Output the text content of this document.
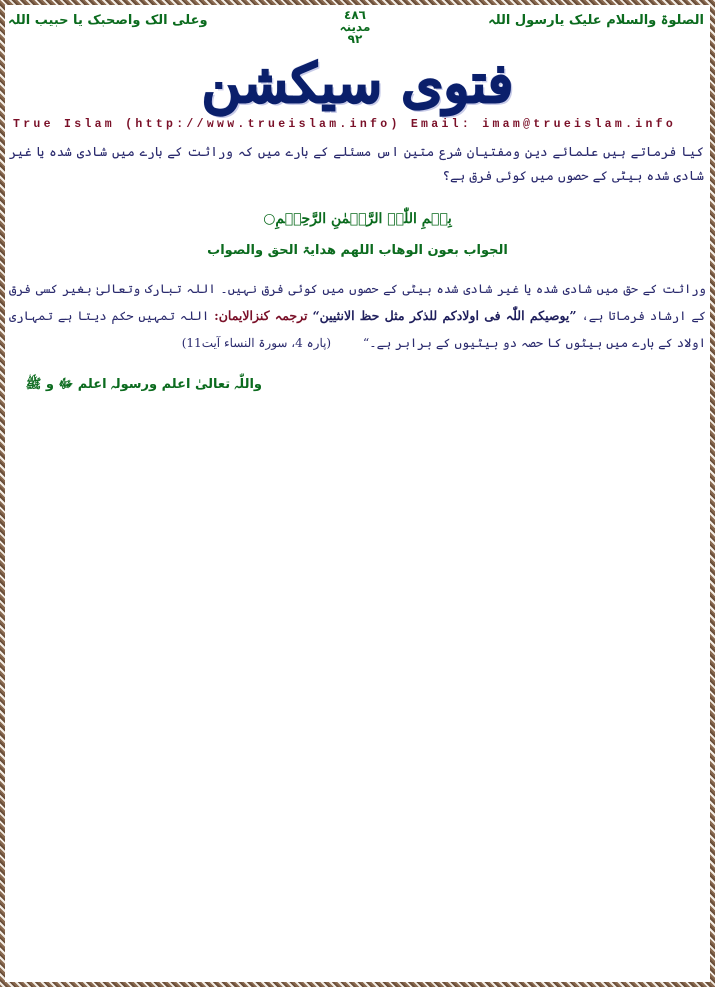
وعلی الک واصحبک یا حبیب اللہ	٤٨٦
مدینہ
٩٢
الصلوۃ والسلام علیک یارسول اللہ
فتوی سیکشن
True Islam (http://www.trueislam.info) Email: imam@trueislam.info
کیا فرماتے ہیں علمائے دین ومفتیان شرع متین اس مسئلے کے بارے میں کہ وراثت کے بارے میں شادی شدہ یا غیر شادی شدہ بیٹی کے حصوں میں کوئی فرق ہے؟
بِسۡمِ اللّٰہِ الرَّحۡمٰنِ الرَّحِیۡمِ○
الجواب بعون الوھاب اللھم ھدایۃ الحق والصواب
وراثت کے حق میں شادی شدہ یا غیر شادی شدہ بیٹی کے حصوں میں کوئی فرق نہیں۔ اللہ تبارک وتعالیٰ بغیر کسی فرق کے ارشاد فرماتا ہے، ”یوصیکم اللّٰہ فی اولادکم للذکر مثل حظ الانثیین“ ترجمہ کنزالایمان: اللہ تمہیں حکم دیتا ہے تمہاری اولاد کے بارے میں بیٹوں کا حصہ دو بیٹیوں کے برابر ہے۔“        (پارہ 4، سورۃ النساء آیت11)
واللّٰہ تعالیٰ اعلم ورسولہ اعلم ﷻ و ﷺ
